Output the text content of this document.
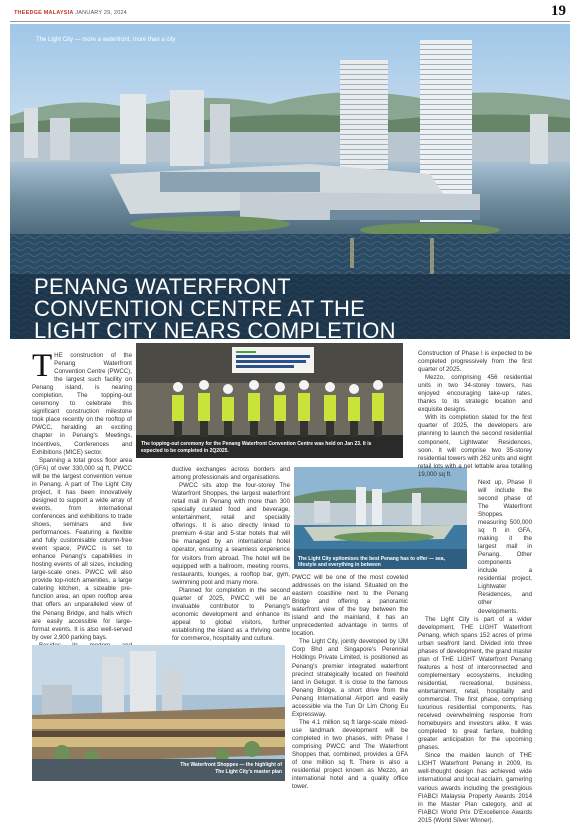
THEEDGE MALAYSIA JANUARY 29, 2024	19
The Light City — more a waterfront, more than a city
PENANG WATERFRONT
CONVENTION CENTRE AT THE
LIGHT CITY NEARS COMPLETION

THE construction of the Penang Waterfront Convention Centre (PWCC), the largest such facility on Penang island, is nearing completion. The topping-out ceremony to celebrate this significant construction milestone took place recently on the rooftop of PWCC, heralding an exciting chapter in Penang's Meetings, Incentives, Conferences and Exhibitions (MICE) sector.

Spanning a total gross floor area (GFA) of over 330,000 sq ft, PWCC will be the largest convention venue in Penang. A part of The Light City project, it has been innovatively designed to support a wide array of events, from international conferences and exhibitions to trade shows, seminars and live performances. Featuring a flexible and fully customisable column-free event space, PWCC is set to enhance Penang's capabilities in hosting events of all sizes, including large-scale ones. PWCC will also provide top-notch amenities, a large catering kitchen, a sizeable pre-function area, an open rooftop area that offers an unparalleled view of the Penang Bridge, and halls which are easily accessible for large-format events. It is also well-served by over 2,900 parking bays.

The topping-out ceremony for the Penang Waterfront Convention Centre was held on Jan 23. It is expected to be completed in 2Q2025.

ductive exchanges across borders and among professionals and organisations.

PWCC sits atop the four-storey The Waterfront Shoppes, the largest waterfront retail mall in Penang with more than 300 specially curated food and beverage, entertainment, retail and speciality offerings. It is also directly linked to premium 4-star and 5-star hotels that will be managed by an international hotel operator, ensuring a seamless experience for visitors from abroad. The hotel will be equipped with a ballroom, meeting rooms, restaurants, lounges, a rooftop bar, gym, swimming pool and many more.

Planned for completion in the second quarter of 2025, PWCC will be an invaluable contributor to Penang's economic development and enhance its appeal to global visitors, further establishing the island as a thriving centre for commerce, hospitality and culture.

The Light City epitomises the best Penang has to offer — sea, lifestyle and everything in between

PWCC will be one of the most coveted addresses on the island. Situated on the eastern coastline next to the Penang Bridge and offering a panoramic waterfront view of the bay between the island and the mainland, it has an unprecedented advantage in terms of location.

The Light City, jointly developed by IJM Corp Bhd and Singapore's Perennial Holdings Private Limited, is positioned as Penang's premier integrated waterfront precinct strategically located on freehold land in Gelugor. It is close to the famous Penang Bridge, a short drive from the Penang International Airport and easily accessible via the Tun Dr Lim Chong Eu Expressway.

The 4.1 million sq ft large-scale mixed-use landmark development will be completed in two phases, with Phase I comprising PWCC and The Waterfront Shoppes that, combined, provides a GFA of one million sq ft. There is also a residential project known as Mezzo, an international hotel and a quality office tower.

Construction of Phase I is expected to be completed progressively from the first quarter of 2025.

Mezzo, comprising 456 residential units in two 34-storey towers, has enjoyed encouraging take-up rates, thanks to its strategic location and exquisite designs.

With its completion slated for the first quarter of 2025, the developers are planning to launch the second residential component, Lightwater Residences, soon. It will comprise two 35-storey residential towers with 262 units and eight retail lots with a net lettable area totalling 19,000 sq ft.

Next up, Phase II will include the second phase of The Waterfront Shoppes measuring 500,000 sq ft in GFA, making it the largest mall in Penang. Other components include a residential project, Lightwater Residences, and other developments.

The Light City is part of a wider development, THE LIGHT Waterfront Penang, which spans 152 acres of prime urban seafront land. Divided into three phases of development, the grand master plan of THE LIGHT Waterfront Penang features a host of interconnected and complementary ecosystems, including residential, recreational, business, entertainment, retail, hospitality and commercial. The first phase, comprising luxurious residential components, has received overwhelming response from homebuyers and investors alike. It was completed to great fanfare, building greater anticipation for the upcoming phases.

Since the maiden launch of THE LIGHT Waterfront Penang in 2009, its well-thought design has achieved wide international and local acclaim, garnering various awards including the prestigious FIABCI Malaysia Property Awards 2014 in the Master Plan category, and at FIABCI World Prix D'Excellence Awards 2015 (World Silver Winner).

The Waterfront Shoppes — the highlight of The Light City's master plan
